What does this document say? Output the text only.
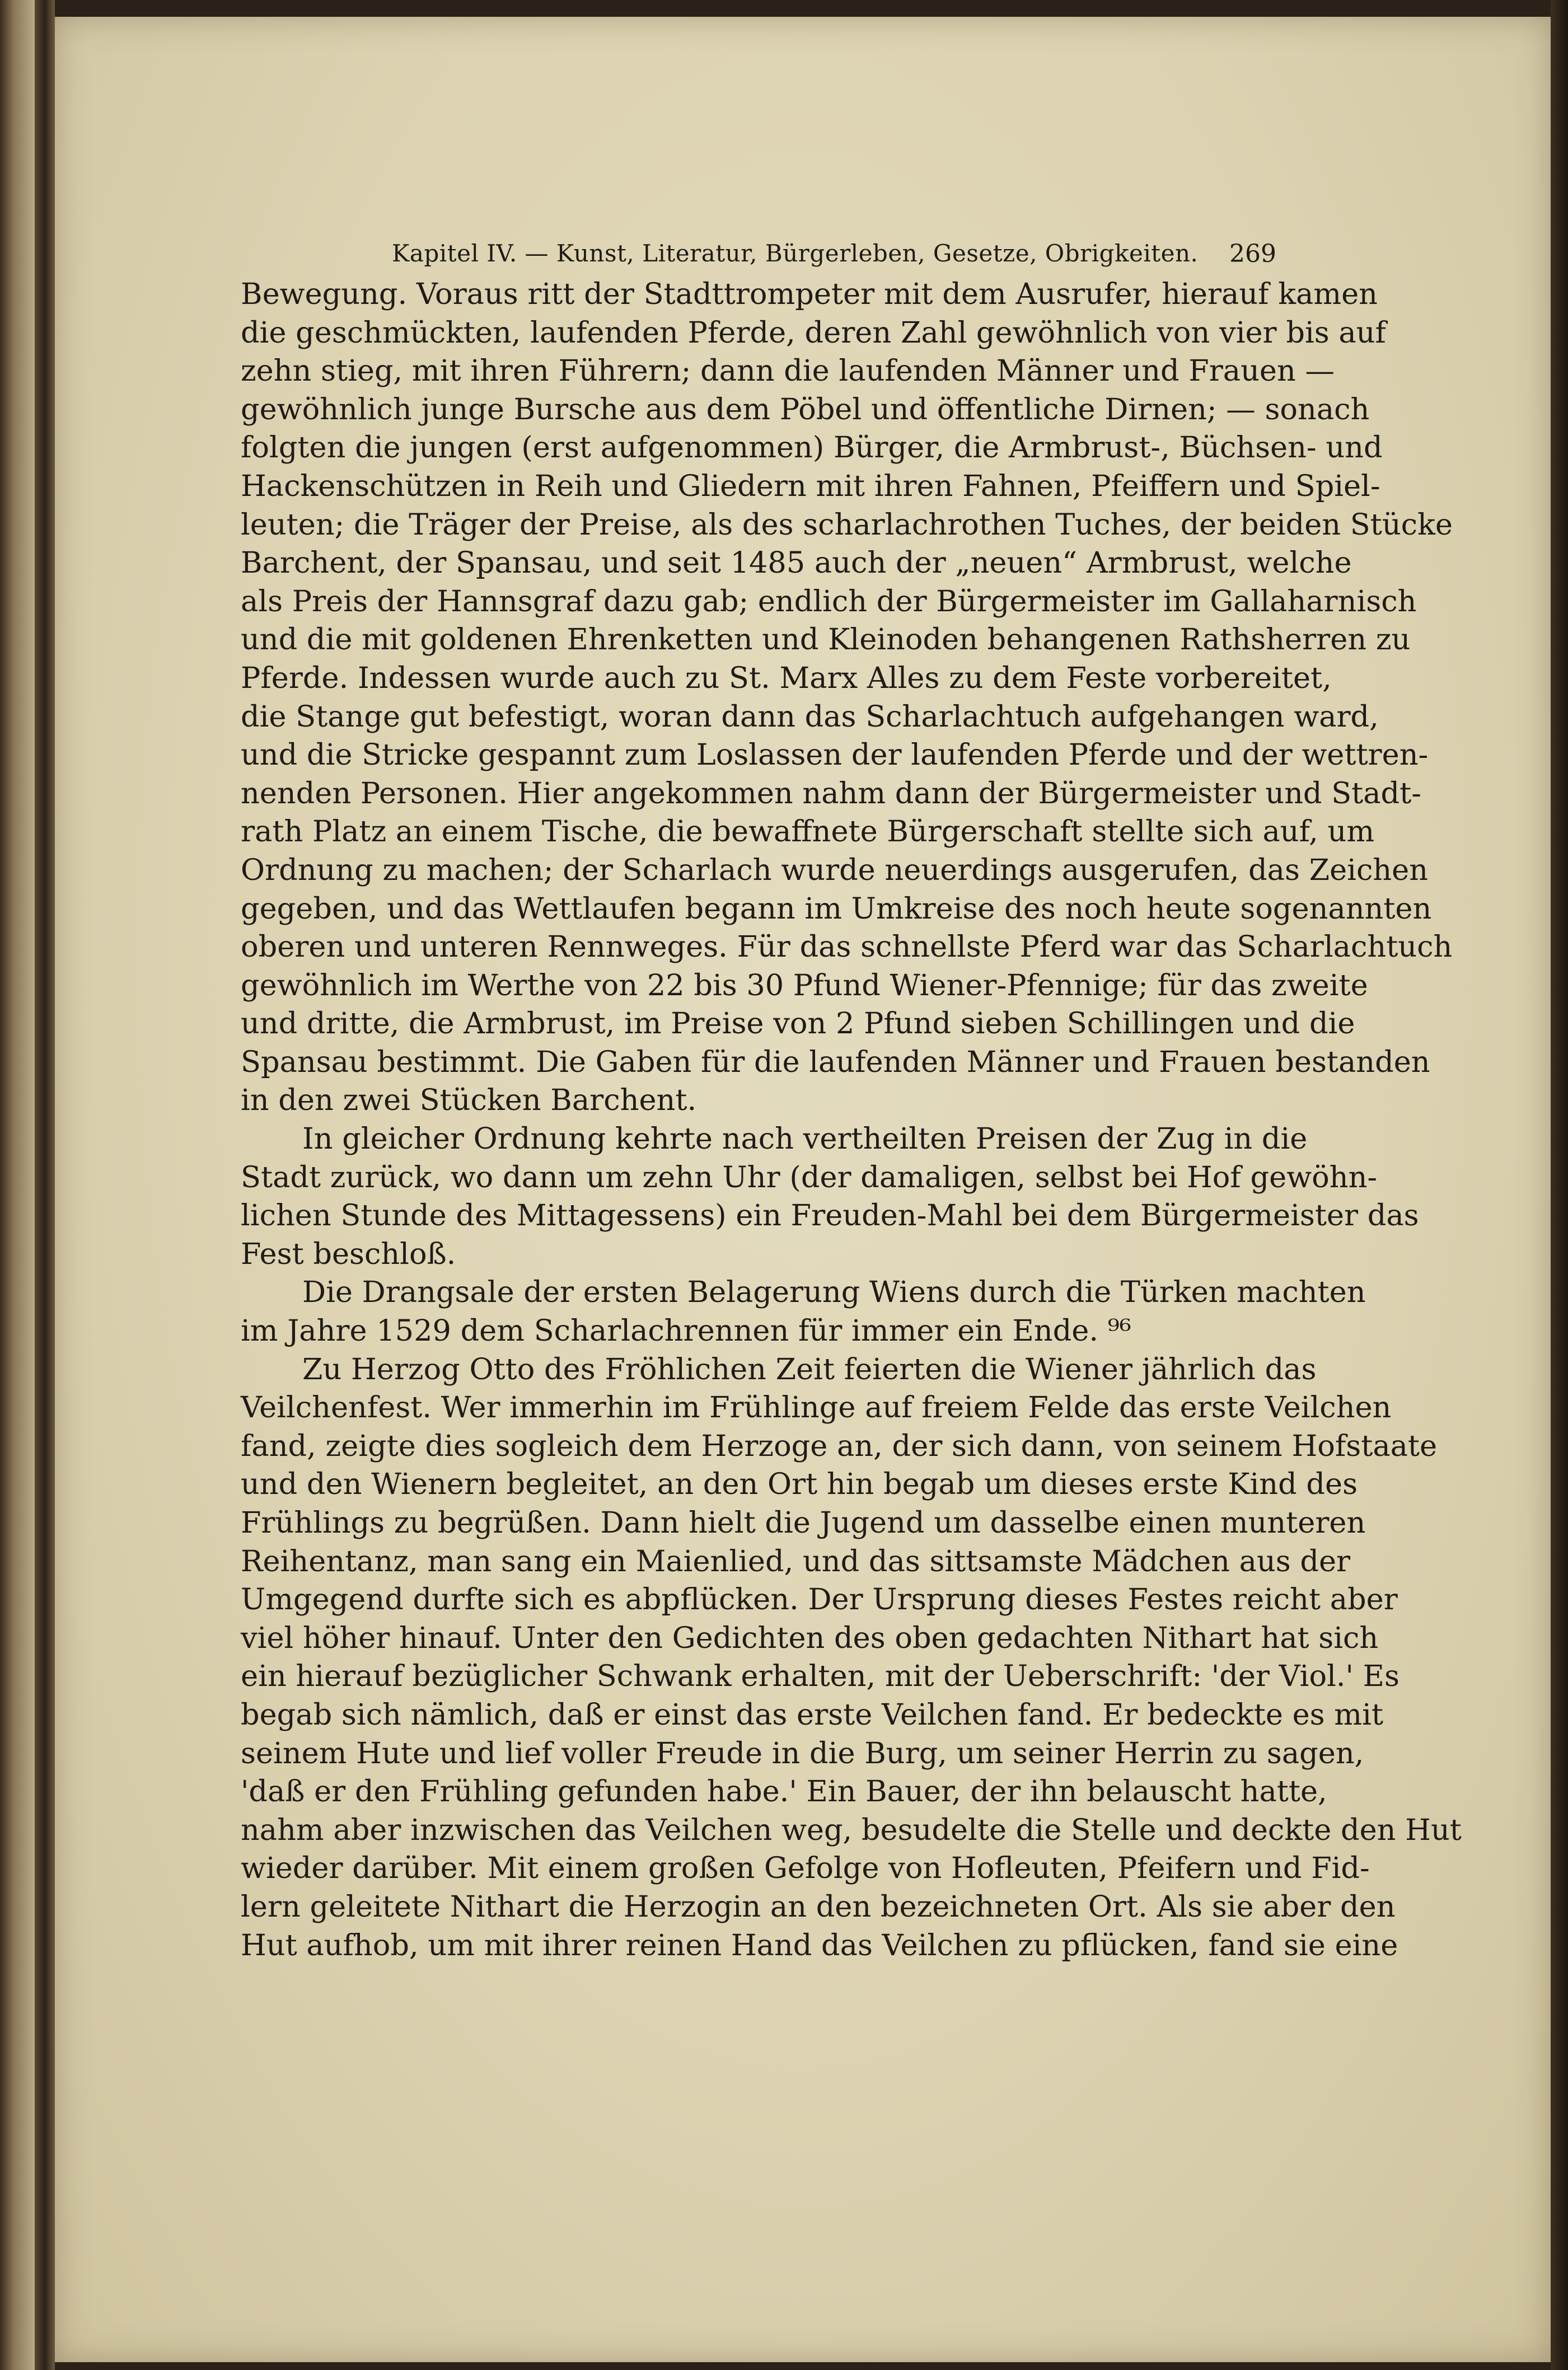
Kapitel IV. — Kunst, Literatur, Bürgerleben, Gesetze, Obrigkeiten. 269
Bewegung. Voraus ritt der Stadttrompeter mit dem Ausrufer, hierauf kamen
die geschmückten, laufenden Pferde, deren Zahl gewöhnlich von vier bis auf
zehn stieg, mit ihren Führern; dann die laufenden Männer und Frauen —
gewöhnlich junge Bursche aus dem Pöbel und öffentliche Dirnen; — sonach
folgten die jungen (erst aufgenommen) Bürger, die Armbrust-, Büchsen- und
Hackenschützen in Reih und Gliedern mit ihren Fahnen, Pfeiffern und Spiel-
leuten; die Träger der Preise, als des scharlachrothen Tuches, der beiden Stücke
Barchent, der Spansau, und seit 1485 auch der „neuen“ Armbrust, welche
als Preis der Hannsgraf dazu gab; endlich der Bürgermeister im Gallaharnisch
und die mit goldenen Ehrenketten und Kleinoden behangenen Rathsherren zu
Pferde. Indessen wurde auch zu St. Marx Alles zu dem Feste vorbereitet,
die Stange gut befestigt, woran dann das Scharlachtuch aufgehangen ward,
und die Stricke gespannt zum Loslassen der laufenden Pferde und der wettren-
nenden Personen. Hier angekommen nahm dann der Bürgermeister und Stadt-
rath Platz an einem Tische, die bewaffnete Bürgerschaft stellte sich auf, um
Ordnung zu machen; der Scharlach wurde neuerdings ausgerufen, das Zeichen
gegeben, und das Wettlaufen begann im Umkreise des noch heute sogenannten
oberen und unteren Rennweges. Für das schnellste Pferd war das Scharlachtuch
gewöhnlich im Werthe von 22 bis 30 Pfund Wiener-Pfennige; für das zweite
und dritte, die Armbrust, im Preise von 2 Pfund sieben Schillingen und die
Spansau bestimmt. Die Gaben für die laufenden Männer und Frauen bestanden
in den zwei Stücken Barchent.
In gleicher Ordnung kehrte nach vertheilten Preisen der Zug in die
Stadt zurück, wo dann um zehn Uhr (der damaligen, selbst bei Hof gewöhn-
lichen Stunde des Mittagessens) ein Freuden-Mahl bei dem Bürgermeister das
Fest beschloß.
Die Drangsale der ersten Belagerung Wiens durch die Türken machten
im Jahre 1529 dem Scharlachrennen für immer ein Ende. ⁹⁶
Zu Herzog Otto des Fröhlichen Zeit feierten die Wiener jährlich das
Veilchenfest. Wer immerhin im Frühlinge auf freiem Felde das erste Veilchen
fand, zeigte dies sogleich dem Herzoge an, der sich dann, von seinem Hofstaate
und den Wienern begleitet, an den Ort hin begab um dieses erste Kind des
Frühlings zu begrüßen. Dann hielt die Jugend um dasselbe einen munteren
Reihentanz, man sang ein Maienlied, und das sittsamste Mädchen aus der
Umgegend durfte sich es abpflücken. Der Ursprung dieses Festes reicht aber
viel höher hinauf. Unter den Gedichten des oben gedachten Nithart hat sich
ein hierauf bezüglicher Schwank erhalten, mit der Ueberschrift: 'der Viol.' Es
begab sich nämlich, daß er einst das erste Veilchen fand. Er bedeckte es mit
seinem Hute und lief voller Freude in die Burg, um seiner Herrin zu sagen,
'daß er den Frühling gefunden habe.' Ein Bauer, der ihn belauscht hatte,
nahm aber inzwischen das Veilchen weg, besudelte die Stelle und deckte den Hut
wieder darüber. Mit einem großen Gefolge von Hofleuten, Pfeifern und Fid-
lern geleitete Nithart die Herzogin an den bezeichneten Ort. Als sie aber den
Hut aufhob, um mit ihrer reinen Hand das Veilchen zu pflücken, fand sie eine
